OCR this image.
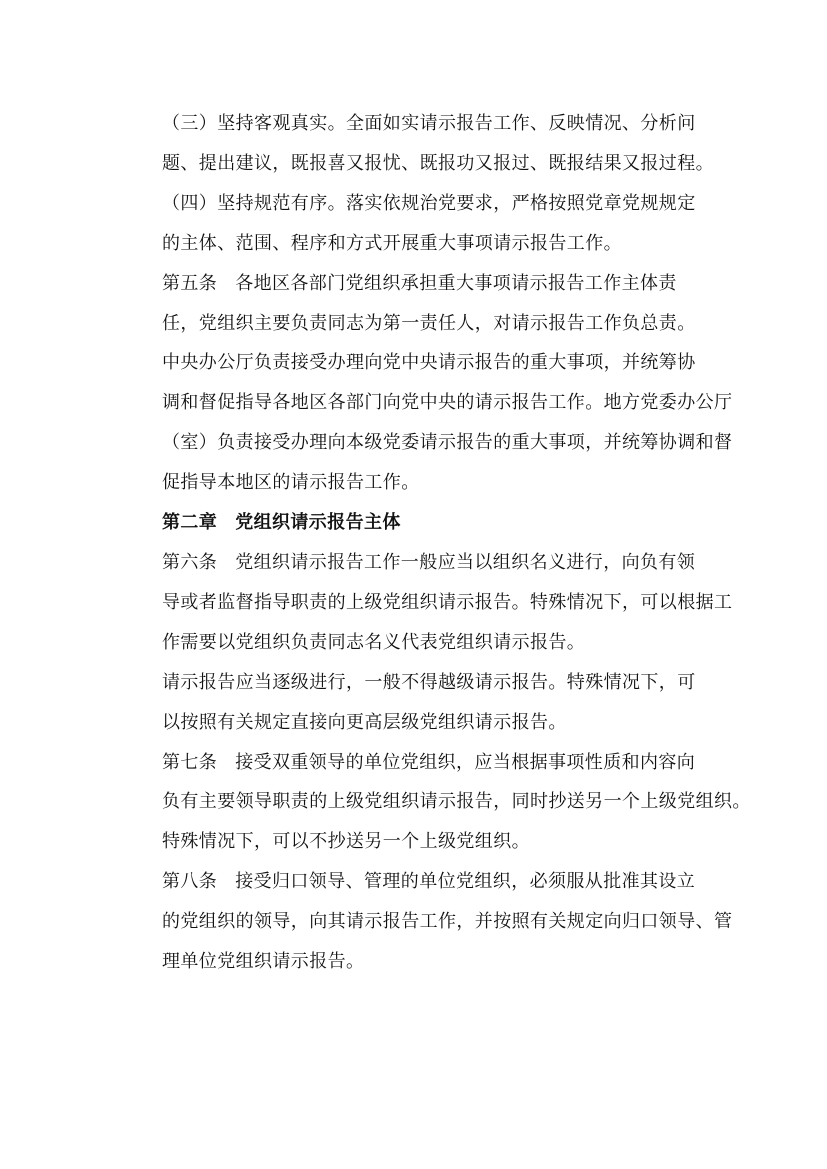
（三）坚持客观真实。全面如实请示报告工作、反映情况、分析问
题、提出建议，既报喜又报忧、既报功又报过、既报结果又报过程。

（四）坚持规范有序。落实依规治党要求，严格按照党章党规规定
的主体、范围、程序和方式开展重大事项请示报告工作。

第五条 各地区各部门党组织承担重大事项请示报告工作主体责
任，党组织主要负责同志为第一责任人，对请示报告工作负总责。

中央办公厅负责接受办理向党中央请示报告的重大事项，并统筹协
调和督促指导各地区各部门向党中央的请示报告工作。地方党委办公厅
（室）负责接受办理向本级党委请示报告的重大事项，并统筹协调和督
促指导本地区的请示报告工作。

第二章 党组织请示报告主体

第六条 党组织请示报告工作一般应当以组织名义进行，向负有领
导或者监督指导职责的上级党组织请示报告。特殊情况下，可以根据工
作需要以党组织负责同志名义代表党组织请示报告。

请示报告应当逐级进行，一般不得越级请示报告。特殊情况下，可
以按照有关规定直接向更高层级党组织请示报告。

第七条 接受双重领导的单位党组织，应当根据事项性质和内容向
负有主要领导职责的上级党组织请示报告，同时抄送另一个上级党组织。
特殊情况下，可以不抄送另一个上级党组织。

第八条 接受归口领导、管理的单位党组织，必须服从批准其设立
的党组织的领导，向其请示报告工作，并按照有关规定向归口领导、管
理单位党组织请示报告。
